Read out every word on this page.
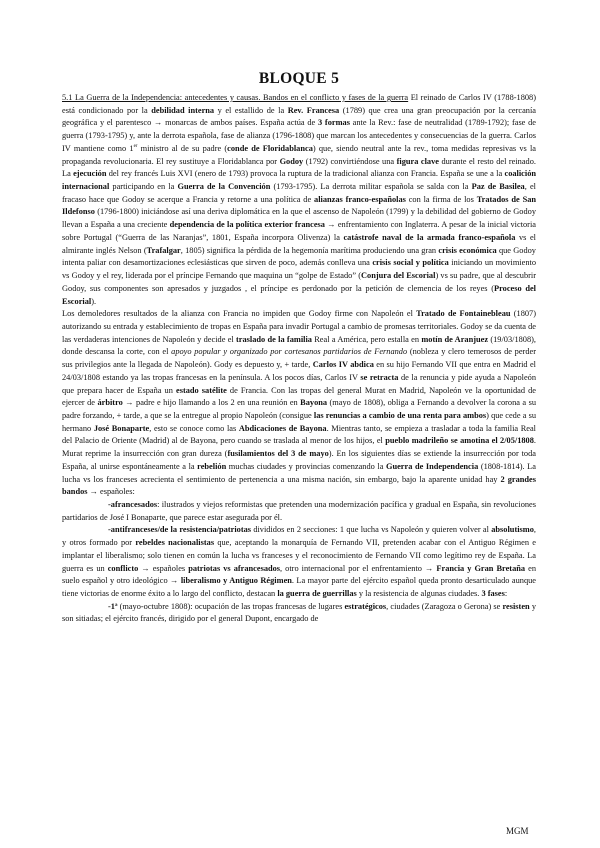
BLOQUE 5

5.1 La Guerra de la Independencia: antecedentes y causas. Bandos en el conflicto y fases de la guerra El reinado de Carlos IV (1788-1808) está condicionado por la debilidad interna y el estallido de la Rev. Francesa (1789) que crea una gran preocupación por la cercanía geográfica y el parentesco → monarcas de ambos países. España actúa de 3 formas ante la Rev.: fase de neutralidad (1789-1792); fase de guerra (1793-1795) y, ante la derrota española, fase de alianza (1796-1808) que marcan los antecedentes y consecuencias de la guerra. Carlos IV mantiene como 1er ministro al de su padre (conde de Floridablanca) que, siendo neutral ante la rev., toma medidas represivas vs la propaganda revolucionaria. El rey sustituye a Floridablanca por Godoy (1792) convirtiéndose una figura clave durante el resto del reinado. La ejecución del rey francés Luis XVI (enero de 1793) provoca la ruptura de la tradicional alianza con Francia. España se une a la coalición internacional participando en la Guerra de la Convención (1793-1795). La derrota militar española se salda con la Paz de Basilea, el fracaso hace que Godoy se acerque a Francia y retorne a una política de alianzas franco-españolas con la firma de los Tratados de San Ildefonso (1796-1800) iniciándose así una deriva diplomática en la que el ascenso de Napoleón (1799) y la debilidad del gobierno de Godoy llevan a España a una creciente dependencia de la política exterior francesa → enfrentamiento con Inglaterra. A pesar de la inicial victoria sobre Portugal (“Guerra de las Naranjas”, 1801, España incorpora Olivenza) la catástrofe naval de la armada franco-española vs el almirante inglés Nelson (Trafalgar, 1805) significa la pérdida de la hegemonía marítima produciendo una gran crisis económica que Godoy intenta paliar con desamortizaciones eclesiásticas que sirven de poco, además conlleva una crisis social y política iniciando un movimiento vs Godoy y el rey, liderada por el príncipe Fernando que maquina un “golpe de Estado” (Conjura del Escorial) vs su padre, que al descubrir Godoy, sus componentes son apresados y juzgados , el príncipe es perdonado por la petición de clemencia de los reyes (Proceso del Escorial).

Los demoledores resultados de la alianza con Francia no impiden que Godoy firme con Napoleón el Tratado de Fontainebleau (1807) autorizando su entrada y establecimiento de tropas en España para invadir Portugal a cambio de promesas territoriales. Godoy se da cuenta de las verdaderas intenciones de Napoleón y decide el traslado de la familia Real a América, pero estalla en motín de Aranjuez (19/03/1808), donde descansa la corte, con el apoyo popular y organizado por cortesanos partidarios de Fernando (nobleza y clero temerosos de perder sus privilegios ante la llegada de Napoleón). Gody es depuesto y, + tarde, Carlos IV abdica en su hijo Fernando VII que entra en Madrid el 24/03/1808 estando ya las tropas francesas en la península. A los pocos días, Carlos IV se retracta de la renuncia y pide ayuda a Napoleón que prepara hacer de España un estado satélite de Francia. Con las tropas del general Murat en Madrid, Napoleón ve la oportunidad de ejercer de árbitro → padre e hijo llamando a los 2 en una reunión en Bayona (mayo de 1808), obliga a Fernando a devolver la corona a su padre forzando, + tarde, a que se la entregue al propio Napoleón (consigue las renuncias a cambio de una renta para ambos) que cede a su hermano José Bonaparte, esto se conoce como las Abdicaciones de Bayona. Mientras tanto, se empieza a trasladar a toda la familia Real del Palacio de Oriente (Madrid) al de Bayona, pero cuando se traslada al menor de los hijos, el pueblo madrileño se amotina el 2/05/1808. Murat reprime la insurrección con gran dureza (fusilamientos del 3 de mayo). En los siguientes días se extiende la insurrección por toda España, al unirse espontáneamente a la rebelión muchas ciudades y provincias comenzando la Guerra de Independencia (1808-1814). La lucha vs los franceses acrecienta el sentimiento de pertenencia a una misma nación, sin embargo, bajo la aparente unidad hay 2 grandes bandos → españoles:

-afrancesados: ilustrados y viejos reformistas que pretenden una modernización pacífica y gradual en España, sin revoluciones partidarios de José I Bonaparte, que parece estar asegurada por él.

-antifranceses/de la resistencia/patriotas divididos en 2 secciones: 1 que lucha vs Napoleón y quieren volver al absolutismo, y otros formado por rebeldes nacionalistas que, aceptando la monarquía de Fernando VII, pretenden acabar con el Antiguo Régimen e implantar el liberalismo; solo tienen en común la lucha vs franceses y el reconocimiento de Fernando VII como legítimo rey de España. La guerra es un conflicto → españoles patriotas vs afrancesados, otro internacional por el enfrentamiento → Francia y Gran Bretaña en suelo español y otro ideológico → liberalismo y Antiguo Régimen. La mayor parte del ejército español queda pronto desarticulado aunque tiene victorias de enorme éxito a lo largo del conflicto, destacan la guerra de guerrillas y la resistencia de algunas ciudades. 3 fases:

-1ª (mayo-octubre 1808): ocupación de las tropas francesas de lugares estratégicos, ciudades (Zaragoza o Gerona) se resisten y son sitiadas; el ejército francés, dirigido por el general Dupont, encargado de

MGM
